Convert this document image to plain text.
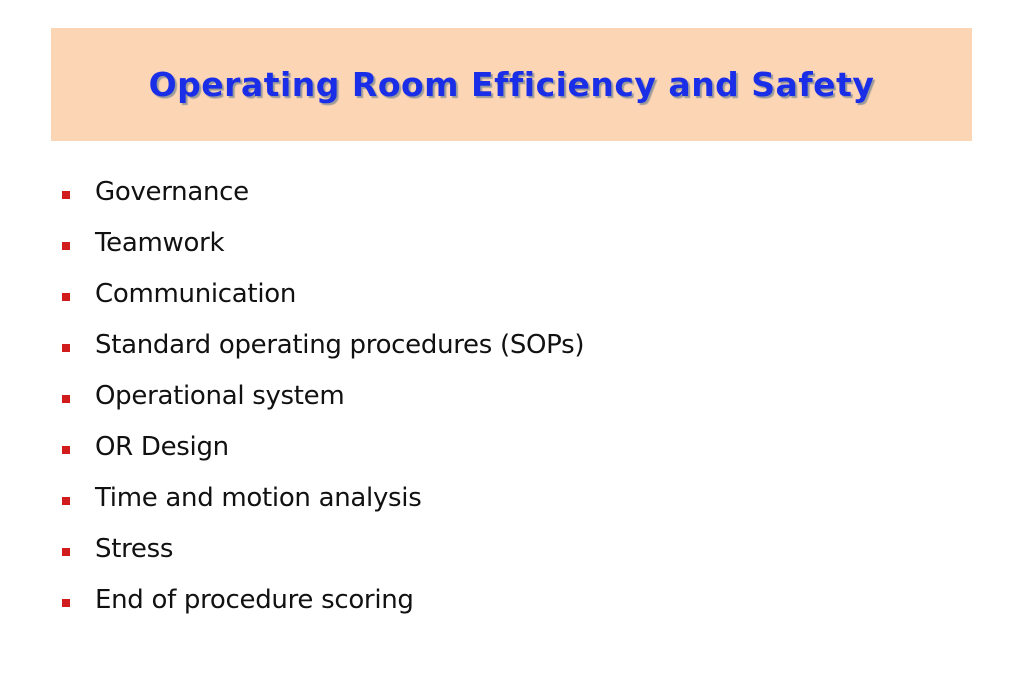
Operating Room Efficiency and Safety
Governance
Teamwork
Communication
Standard operating procedures (SOPs)
Operational system
OR Design
Time and motion analysis
Stress
End of procedure scoring
